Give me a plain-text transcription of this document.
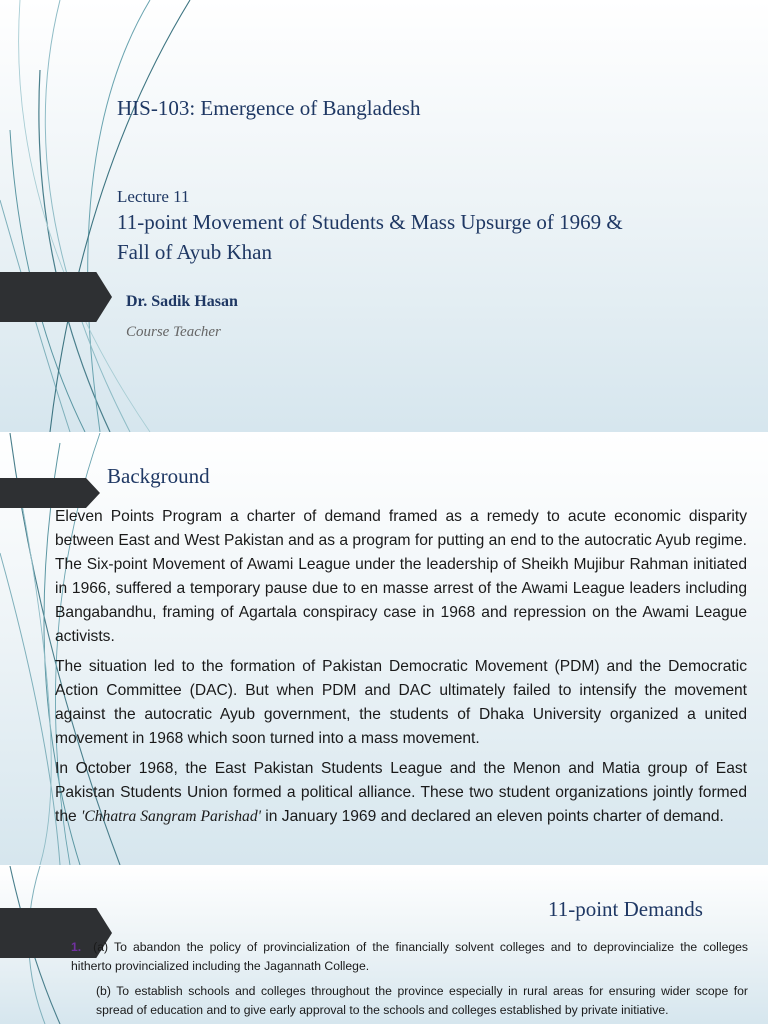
HIS-103: Emergence of Bangladesh
Lecture 11
11-point Movement of Students & Mass Upsurge of 1969 &
Fall of Ayub Khan
Dr. Sadik Hasan
Course Teacher
Background

Eleven Points Program a charter of demand framed as a remedy to acute economic disparity between East and West Pakistan and as a program for putting an end to the autocratic Ayub regime. The Six-point Movement of Awami League under the leadership of Sheikh Mujibur Rahman initiated in 1966, suffered a temporary pause due to en masse arrest of the Awami League leaders including Bangabandhu, framing of Agartala conspiracy case in 1968 and repression on the Awami League activists.

The situation led to the formation of Pakistan Democratic Movement (PDM) and the Democratic Action Committee (DAC). But when PDM and DAC ultimately failed to intensify the movement against the autocratic Ayub government, the students of Dhaka University organized a united movement in 1968 which soon turned into a mass movement.

In October 1968, the East Pakistan Students League and the Menon and Matia group of East Pakistan Students Union formed a political alliance. These two student organizations jointly formed the 'Chhatra Sangram Parishad' in January 1969 and declared an eleven points charter of demand.

11-point Demands
1. (a) To abandon the policy of provincialization of the financially solvent colleges and to deprovincialize the colleges hitherto provincialized including the Jagannath College.
(b) To establish schools and colleges throughout the province especially in rural areas for ensuring wider scope for spread of education and to give early approval to the schools and colleges established by private initiative.
